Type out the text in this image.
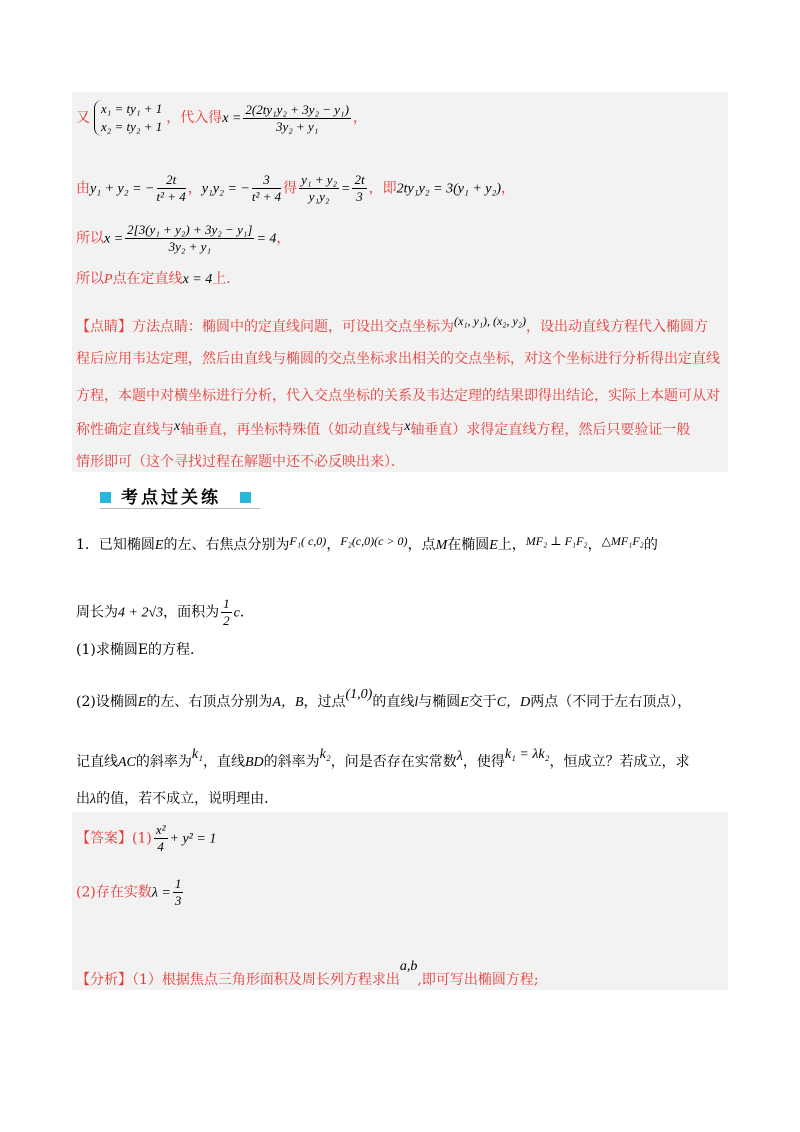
又
x₁ = ty₁ + 1
x₂ = ty₂ + 1
，代入得$x = \frac{\text{2(2ty₁y₂ + 3y₂ − y₁)}}{\text{3y₂ + y₁}}$ ，
由y₁ + y₂ = − $\frac{2t}{\text{t² + 4}}$ ，y₁y₂ = − $\frac{3}{\text{t² + 4}}$ 得 $\frac{\text{y₁ + y₂}}{\text{y₁y₂}} = \frac{2t}{3}$ ，即2ty₁y₂ = 3(y₁ + y₂)，
所以$x = \frac{\text{2[3(y₁ + y₂) + 3y₂ − y₁]}}{\text{3y₂ + y₁}} = 4$，
所以P点在定直线x = 4上．
【点睛】方法点睛：椭圆中的定直线问题，可设出交点坐标为(x₁, y₁), (x₂, y₂)，设出动直线方程代入椭圆方
程后应用韦达定理，然后由直线与椭圆的交点坐标求出相关的交点坐标，对这个坐标进行分析得出定直线
方程，本题中对横坐标进行分析，代入交点坐标的关系及韦达定理的结果即得出结论，实际上本题可从对
称性确定直线与x轴垂直，再坐标特殊值（如动直线与x轴垂直）求得定直线方程，然后只要验证一般
情形即可（这个寻找过程在解题中还不必反映出来）．
考点过关练
1．已知椭圆E的左、右焦点分别为F₁( c,0)，F₂(c,0)(c > 0)，点M在椭圆E上，MF₂ ⊥ F₁F₂，△MF₁F₂的
周长为4 + 2√3，面积为 $\frac{1}{2}$ c．
(1)求椭圆E的方程．
(2)设椭圆E的左、右顶点分别为A，B，过点(1,0)的直线l与椭圆E交于C，D两点（不同于左右顶点），
记直线AC的斜率为k₁，直线BD的斜率为k₂，问是否存在实常数λ，使得k₁ = λk₂，恒成立？若成立，求
出λ的值，若不成立，说明理由．
【答案】$(1) \frac{\text{x²}}{4} + y^2 = 1$
(2)存在实数$\lambda = \frac{1}{3}$
【分析】（1）根据焦点三角形面积及周长列方程求出a,b,即可写出椭圆方程;
